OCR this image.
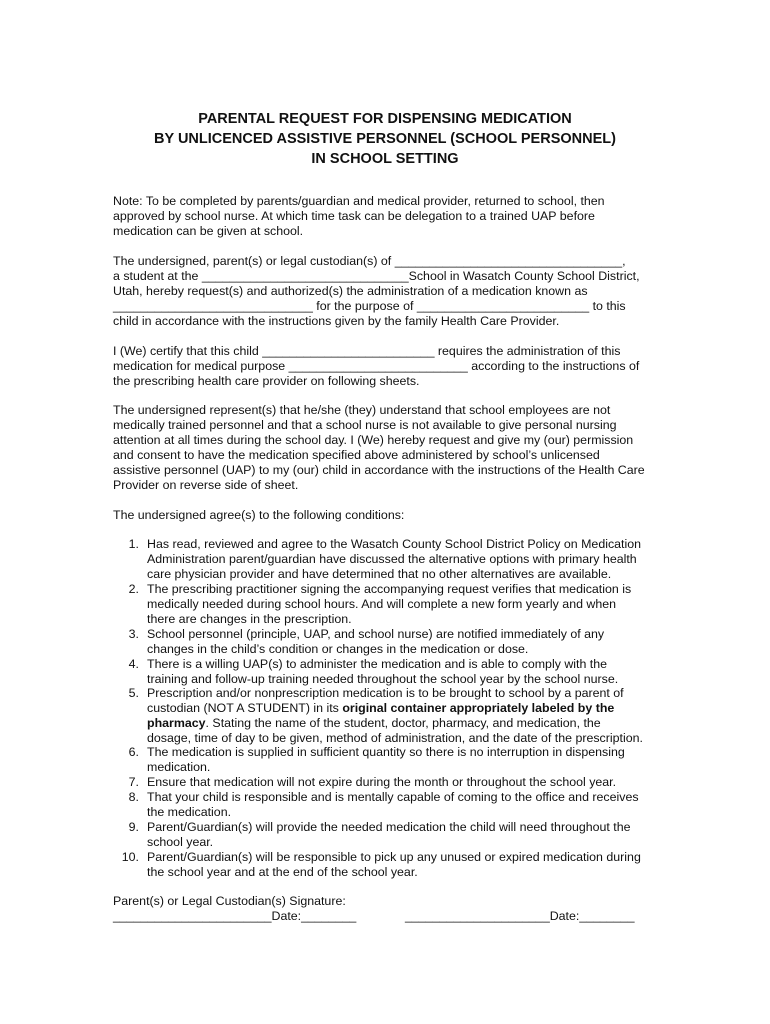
PARENTAL REQUEST FOR DISPENSING MEDICATION
BY UNLICENCED ASSISTIVE PERSONNEL (SCHOOL PERSONNEL)
IN SCHOOL SETTING
Note: To be completed by parents/guardian and medical provider, returned to school, then
approved by school nurse. At which time task can be delegation to a trained UAP before
medication can be given at school.
The undersigned, parent(s) or legal custodian(s) of _________________________________,
a student at the ______________________________School in Wasatch County School District,
Utah, hereby request(s) and authorized(s) the administration of a medication known as
_____________________________ for the purpose of _________________________ to this
child in accordance with the instructions given by the family Health Care Provider.
I (We) certify that this child _________________________ requires the administration of this
medication for medical purpose __________________________ according to the instructions of
the prescribing health care provider on following sheets.
The undersigned represent(s) that he/she (they) understand that school employees are not
medically trained personnel and that a school nurse is not available to give personal nursing
attention at all times during the school day. I (We) hereby request and give my (our) permission
and consent to have the medication specified above administered by school’s unlicensed
assistive personnel (UAP) to my (our) child in accordance with the instructions of the Health Care
Provider on reverse side of sheet.
The undersigned agree(s) to the following conditions:
1. Has read, reviewed and agree to the Wasatch County School District Policy on Medication
Administration parent/guardian have discussed the alternative options with primary health
care physician provider and have determined that no other alternatives are available.
2. The prescribing practitioner signing the accompanying request verifies that medication is
medically needed during school hours. And will complete a new form yearly and when
there are changes in the prescription.
3. School personnel (principle, UAP, and school nurse) are notified immediately of any
changes in the child’s condition or changes in the medication or dose.
4. There is a willing UAP(s) to administer the medication and is able to comply with the
training and follow-up training needed throughout the school year by the school nurse.
5. Prescription and/or nonprescription medication is to be brought to school by a parent of
custodian (NOT A STUDENT) in its original container appropriately labeled by the
pharmacy. Stating the name of the student, doctor, pharmacy, and medication, the
dosage, time of day to be given, method of administration, and the date of the prescription.
6. The medication is supplied in sufficient quantity so there is no interruption in dispensing
medication.
7. Ensure that medication will not expire during the month or throughout the school year.
8. That your child is responsible and is mentally capable of coming to the office and receives
the medication.
9. Parent/Guardian(s) will provide the needed medication the child will need throughout the
school year.
10. Parent/Guardian(s) will be responsible to pick up any unused or expired medication during
the school year and at the end of the school year.
Parent(s) or Legal Custodian(s) Signature:
_______________________Date:________	_____________________Date:________
